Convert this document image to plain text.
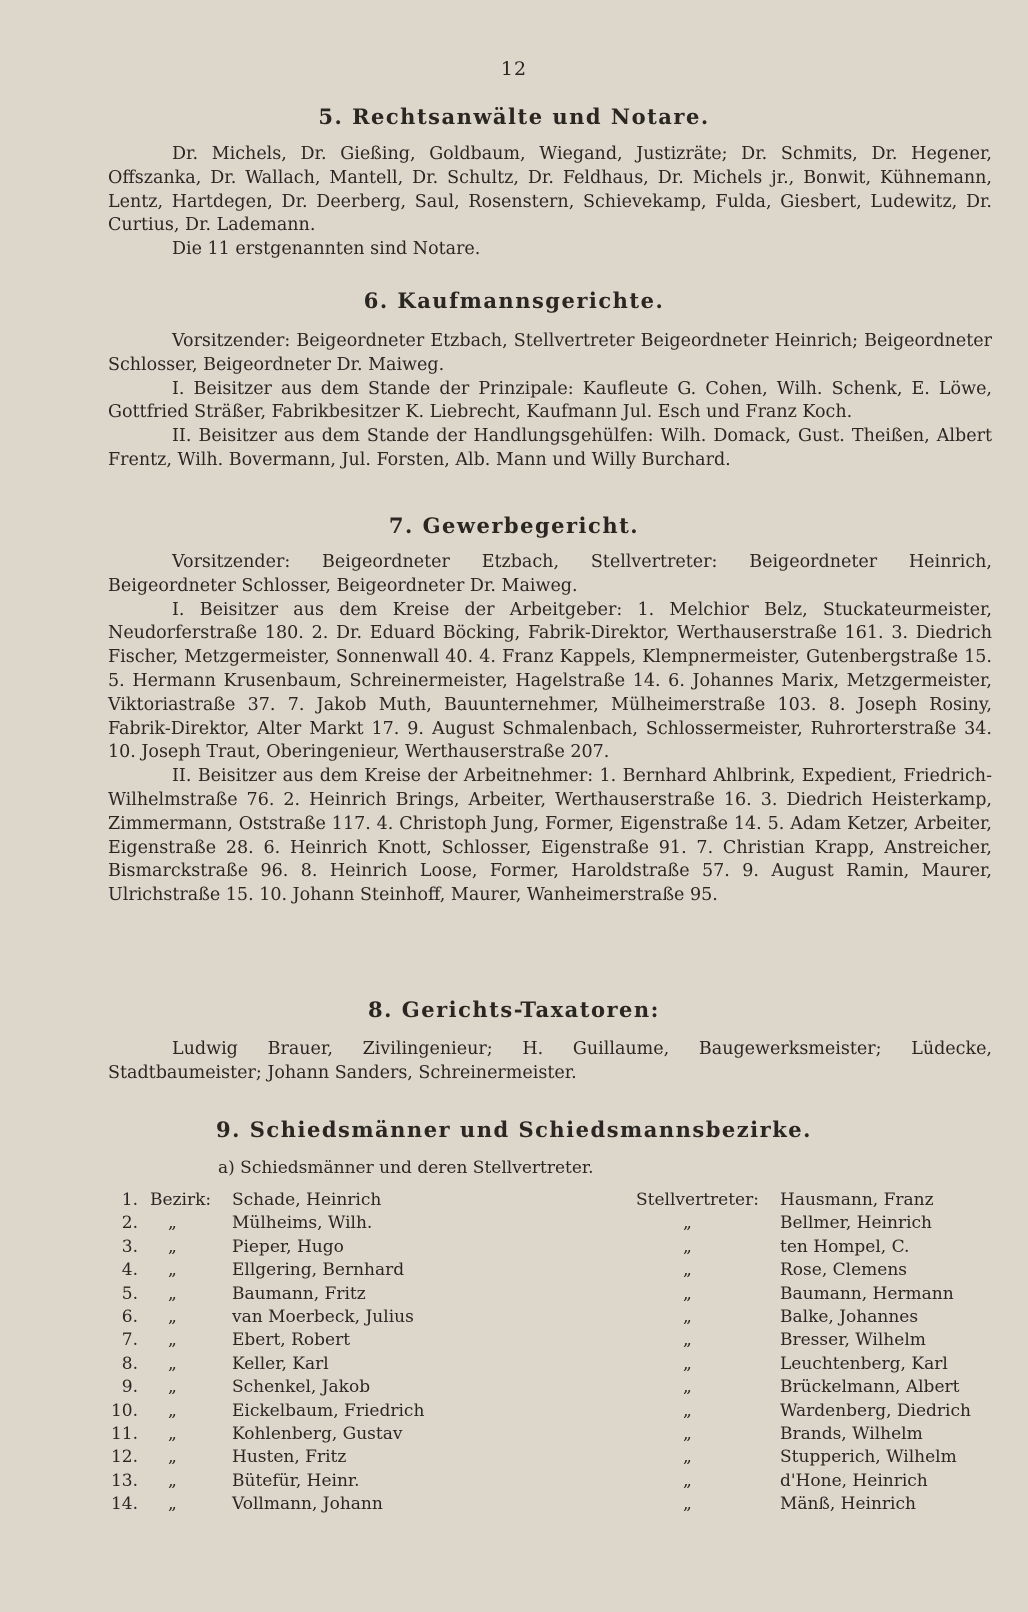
12
5. Rechtsanwälte und Notare.

Dr. Michels, Dr. Gießing, Goldbaum, Wiegand, Justizräte; Dr. Schmits, Dr. Hegener, Offszanka, Dr. Wallach, Mantell, Dr. Schultz, Dr. Feldhaus, Dr. Michels jr., Bonwit, Kühnemann, Lentz, Hartdegen, Dr. Deerberg, Saul, Rosenstern, Schievekamp, Fulda, Giesbert, Ludewitz, Dr. Curtius, Dr. Lademann.

Die 11 erstgenannten sind Notare.

6. Kaufmannsgerichte.

Vorsitzender: Beigeordneter Etzbach, Stellvertreter Beigeordneter Heinrich; Beigeordneter Schlosser, Beigeordneter Dr. Maiweg.

I. Beisitzer aus dem Stande der Prinzipale: Kaufleute G. Cohen, Wilh. Schenk, E. Löwe, Gottfried Sträßer, Fabrikbesitzer K. Liebrecht, Kaufmann Jul. Esch und Franz Koch.

II. Beisitzer aus dem Stande der Handlungsgehülfen: Wilh. Domack, Gust. Theißen, Albert Frentz, Wilh. Bovermann, Jul. Forsten, Alb. Mann und Willy Burchard.

7. Gewerbegericht.

Vorsitzender: Beigeordneter Etzbach, Stellvertreter: Beigeordneter Heinrich, Beigeordneter Schlosser, Beigeordneter Dr. Maiweg.

I. Beisitzer aus dem Kreise der Arbeitgeber: 1. Melchior Belz, Stuckateurmeister, Neudorferstraße 180. 2. Dr. Eduard Böcking, Fabrik-Direktor, Werthauserstraße 161. 3. Diedrich Fischer, Metzgermeister, Sonnenwall 40. 4. Franz Kappels, Klempnermeister, Gutenbergstraße 15. 5. Hermann Krusenbaum, Schreinermeister, Hagelstraße 14. 6. Johannes Marix, Metzgermeister, Viktoriastraße 37. 7. Jakob Muth, Bauunternehmer, Mülheimerstraße 103. 8. Joseph Rosiny, Fabrik-Direktor, Alter Markt 17. 9. August Schmalenbach, Schlossermeister, Ruhrorterstraße 34. 10. Joseph Traut, Oberingenieur, Werthauserstraße 207.

II. Beisitzer aus dem Kreise der Arbeitnehmer: 1. Bernhard Ahlbrink, Expedient, Friedrich-Wilhelmstraße 76. 2. Heinrich Brings, Arbeiter, Werthauserstraße 16. 3. Diedrich Heisterkamp, Zimmermann, Oststraße 117. 4. Christoph Jung, Former, Eigenstraße 14. 5. Adam Ketzer, Arbeiter, Eigenstraße 28. 6. Heinrich Knott, Schlosser, Eigenstraße 91. 7. Christian Krapp, Anstreicher, Bismarckstraße 96. 8. Heinrich Loose, Former, Haroldstraße 57. 9. August Ramin, Maurer, Ulrichstraße 15. 10. Johann Steinhoff, Maurer, Wanheimerstraße 95.

8. Gerichts-Taxatoren:

Ludwig Brauer, Zivilingenieur; H. Guillaume, Baugewerksmeister; Lüdecke, Stadtbaumeister; Johann Sanders, Schreinermeister.

9. Schiedsmänner und Schiedsmannsbezirke.
a) Schiedsmänner und deren Stellvertreter.
1. Bezirk: Schade, Heinrich	Stellvertreter: Hausmann, Franz
2. „	Mülheims, Wilh.	„	Bellmer, Heinrich
3. „	Pieper, Hugo	„	ten Hompel, C.
4. „	Ellgering, Bernhard	„	Rose, Clemens
5. „	Baumann, Fritz	„	Baumann, Hermann
6. „	van Moerbeck, Julius	„	Balke, Johannes
7. „	Ebert, Robert	„	Bresser, Wilhelm
8. „	Keller, Karl	„	Leuchtenberg, Karl
9. „	Schenkel, Jakob	„	Brückelmann, Albert
10. „	Eickelbaum, Friedrich	„	Wardenberg, Diedrich
11. „	Kohlenberg, Gustav	„	Brands, Wilhelm
12. „	Husten, Fritz	„	Stupperich, Wilhelm
13. „	Bütefür, Heinr.	„	d'Hone, Heinrich
14. „	Vollmann, Johann	„	Mänß, Heinrich
